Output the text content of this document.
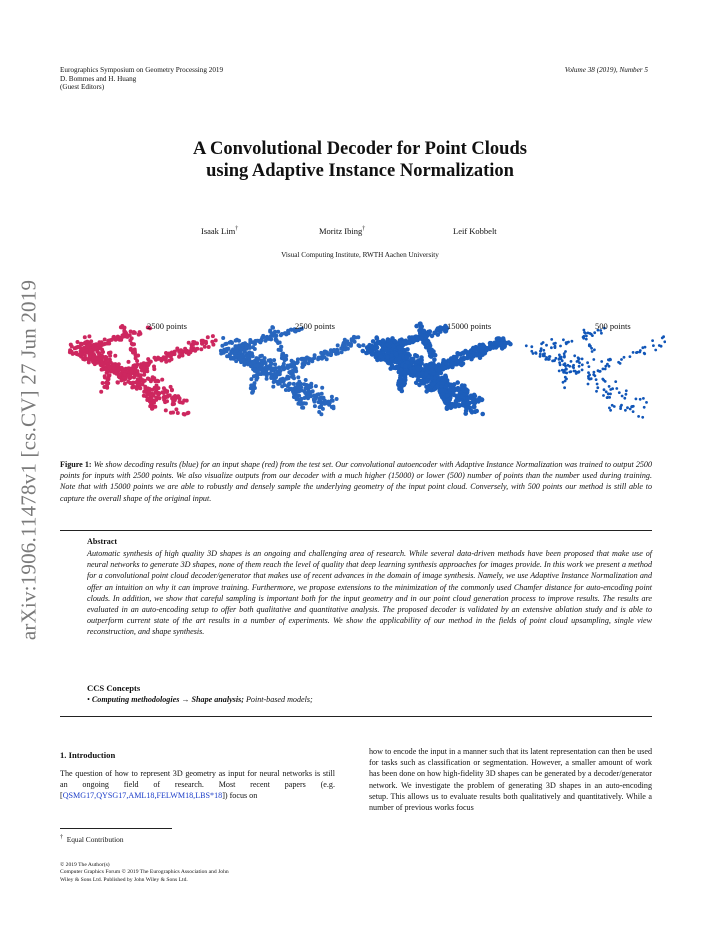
Eurographics Symposium on Geometry Processing 2019
D. Bommes and H. Huang
(Guest Editors)
Volume 38 (2019), Number 5
A Convolutional Decoder for Point Clouds
using Adaptive Instance Normalization
Isaak Lim†	Moritz Ibing†	Leif Kobbelt
Visual Computing Institute, RWTH Aachen University
arXiv:1906.11478v1 [cs.CV] 27 Jun 2019	2500 points	2500 points	15000 points	500 points
Figure 1: We show decoding results (blue) for an input shape (red) from the test set. Our convolutional autoencoder with Adaptive Instance Normalization was trained to output 2500 points for inputs with 2500 points. We also visualize outputs from our decoder with a much higher (15000) or lower (500) number of points than the number used during training. Note that with 15000 points we are able to robustly and densely sample the underlying geometry of the input point cloud. Conversely, with 500 points our method is still able to capture the overall shape of the original input.
Abstract
Automatic synthesis of high quality 3D shapes is an ongoing and challenging area of research. While several data-driven methods have been proposed that make use of neural networks to generate 3D shapes, none of them reach the level of quality that deep learning synthesis approaches for images provide. In this work we present a method for a convolutional point cloud decoder/generator that makes use of recent advances in the domain of image synthesis. Namely, we use Adaptive Instance Normalization and offer an intuition on why it can improve training. Furthermore, we propose extensions to the minimization of the commonly used Chamfer distance for auto-encoding point clouds. In addition, we show that careful sampling is important both for the input geometry and in our point cloud generation process to improve results. The results are evaluated in an auto-encoding setup to offer both qualitative and quantitative analysis. The proposed decoder is validated by an extensive ablation study and is able to outperform current state of the art results in a number of experiments. We show the applicability of our method in the fields of point cloud upsampling, single view reconstruction, and shape synthesis.
CCS Concepts
• Computing methodologies → Shape analysis; Point-based models;
1. Introduction
The question of how to represent 3D geometry as input for neural networks is still an ongoing field of research. Most recent papers (e.g. [QSMG17,QYSG17,AML18,FELWM18,LBS*18]) focus on
how to encode the input in a manner such that its latent representation can then be used for tasks such as classification or segmentation. However, a smaller amount of work has been done on how high-fidelity 3D shapes can be generated by a decoder/generator network. We investigate the problem of generating 3D shapes in an auto-encoding setup. This allows us to evaluate results both qualitatively and quantitatively. While a number of previous works focus
† Equal Contribution
© 2019 The Author(s)
Computer Graphics Forum © 2019 The Eurographics Association and John
Wiley & Sons Ltd. Published by John Wiley & Sons Ltd.
